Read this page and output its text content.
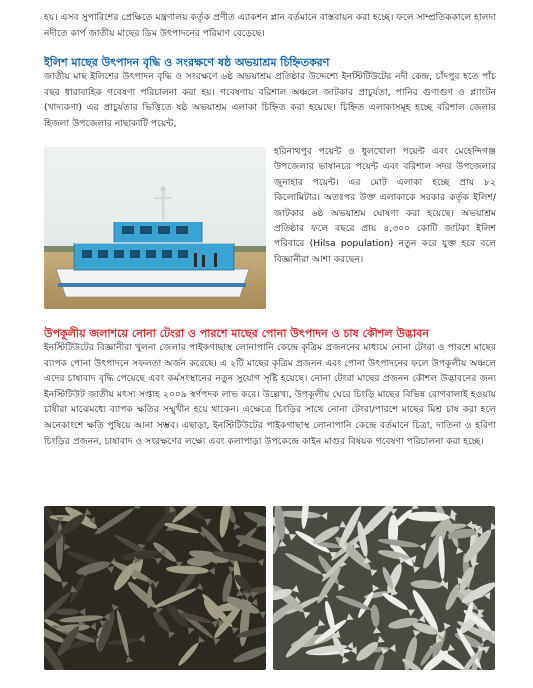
হয়। এসব সুপারিশের প্রেক্ষিতে মন্ত্রণালয় কর্তৃক প্রণীত এ্যাকশন প্লান বর্তমানে বাস্তবায়ন করা হচ্ছে। ফলে সাম্প্রতিককালে হালদা নদীতে কার্প জাতীয় মাছের ডিম উৎপাদনের পরিমাণ বেড়েছে।

ইলিশ মাছের উৎপাদন বৃদ্ধি ও সংরক্ষণে ষষ্ঠ অভয়াশ্রম চিহ্নিতকরণ

জাতীয় মাছ ইলিশের উৎপাদন বৃদ্ধি ও সংরক্ষণে ৬ষ্ঠ অভয়াশ্রম প্রতিষ্ঠার উদ্দেশ্যে ইনস্টিটিউটের নদী কেন্দ্র, চাঁদপুর হতে পাঁচ বছর ধারাবাহিক গবেষণা পরিচালনা করা হয়। গবেষণায় বরিশাল অঞ্চলে জাটকার প্রাচুর্যতা, পানির গুণাগুণ ও প্ল্যাংটন (খাদ্যকণা) এর প্রাচুর্যতার ভিত্তিতে ষষ্ঠ অভয়াশ্রম এলাকা চিহ্নিত করা হয়েছে। চিহ্নিত এলাকাসমূহ হচ্ছে বরিশাল জেলার হিজলা উপজেলার নাছাকাটি পয়েন্ট,

হরিনাথপুর পয়েন্ট ও ধুলখোলা পয়েন্ট এবং মেহেন্দিগঞ্জ উপজেলার ভাষানচর পয়েন্ট এবং বরিশাল সদর উপজেলার জুনাহার পয়েন্ট। এর মোট এলাকা হচ্ছে প্রায় ৮২ কিলোমিটার। অতঃপর উক্ত এলাকাকে সরকার কর্তৃক ইলিশ/জাটকার ৬ষ্ঠ অভয়াশ্রম ঘোষণা করা হয়েছে। অভয়াশ্রম প্রতিষ্ঠার ফলে বছরে প্রায় ৪,৩০০ কোটি জাটকা ইলিশ পরিবারে (Hilsa population) নতুন করে যুক্ত হবে বলে বিজ্ঞানীরা আশা করছেন।

উপকূলীয় জলাশয়ে নোনা টেংরা ও পারশে মাছের পোনা উৎপাদন ও চাষ কৌশল উদ্ভাবন

ইনস্টিটিউটের বিজ্ঞানীরা খুলনা জেলার পাইকগাছাস্থ লোনাপানি কেন্দ্রে কৃত্রিম প্রজননের মাধ্যমে নোনা টেংরা ও পারশে মাছের ব্যাপক পোনা উৎপাদনে সফলতা অর্জন করেছে। এ ২টি মাছের কৃত্রিম প্রজনন এবং পোনা উৎপাদনের ফলে উপকূলীয় অঞ্চলে এদের চাষাবাদ বৃদ্ধি পেয়েছে এবং কর্মসংস্থানের নতুন সুযোগ সৃষ্টি হয়েছে। নোনা টেংরা মাছের প্রজনন কৌশল উদ্ভাবনের জন্য ইনস্টিটিউট জাতীয় মৎস্য সপ্তাহ ২০০৯ স্বর্ণপদক লাভ করে। উল্লেখ্য, উপকূলীয় ঘেরে চিংড়ি মাছের বিভিন্ন রোগবালাই হওয়ায় চাষীরা মাঝেমধ্যে ব্যাপক ক্ষতির সম্মুখীন হয়ে থাকেন। এক্ষেত্রে চিংড়ির সাথে নোনা টেংরা/পারশে মাছের মিশ্র চাষ করা হলে অনেকাংশে ক্ষতি পুষিয়ে আনা সম্ভব। এছাড়া, ইনস্টিটিউটের পাইকগাছাস্থ লোনাপানি কেন্দ্রে বর্তমানে চিত্রা, দাতিনা ও হরিণা চিংড়ির প্রজনন, চাষাবাদ ও সংরক্ষণের লক্ষ্যে এবং কলাপাড়া উপকেন্দ্রে কাইন মাগুর বিষয়ক গবেষণা পরিচালনা করা হচ্ছে।
